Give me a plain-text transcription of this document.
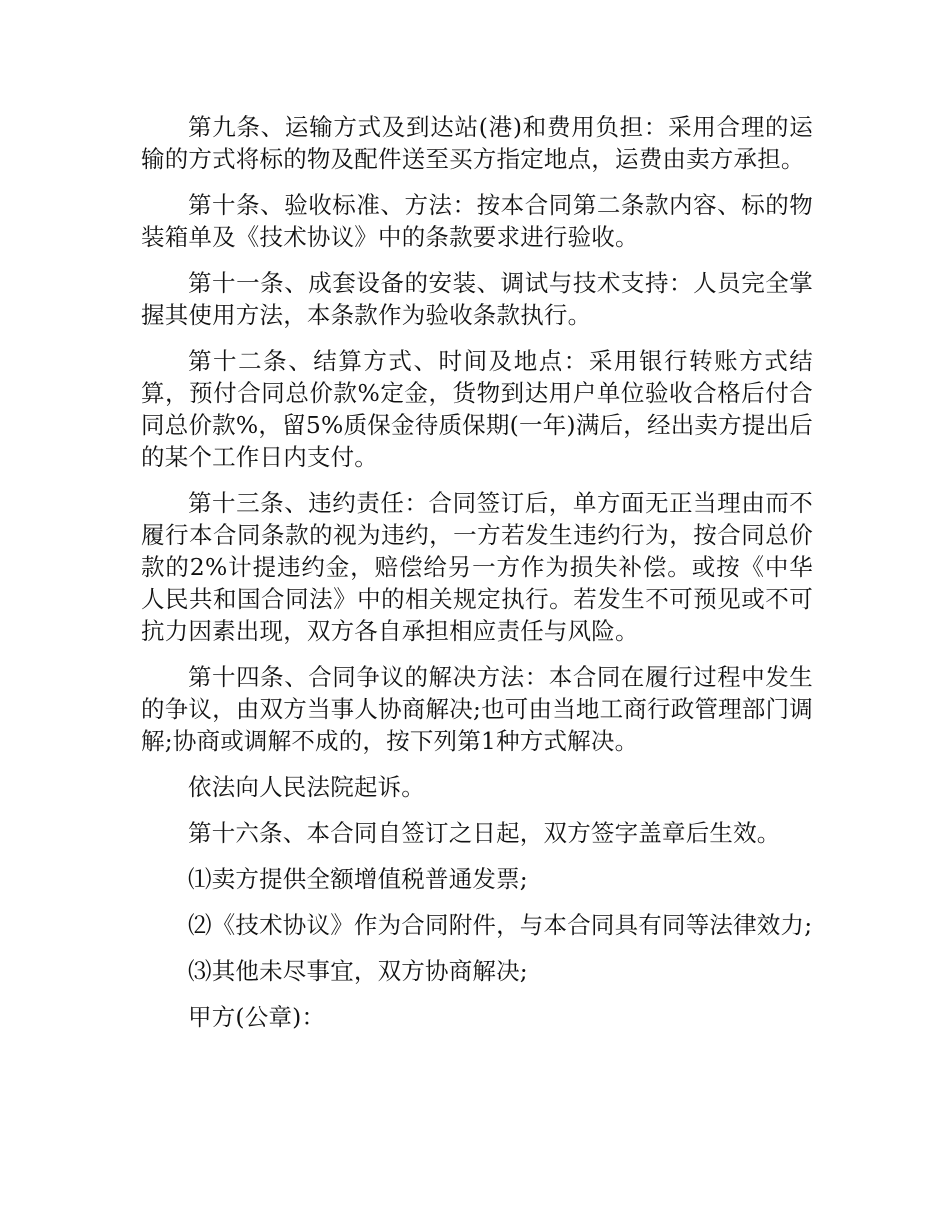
第九条、运输方式及到达站(港)和费用负担：采用合理的运输的方式将标的物及配件送至买方指定地点，运费由卖方承担。

第十条、验收标准、方法：按本合同第二条款内容、标的物装箱单及《技术协议》中的条款要求进行验收。

第十一条、成套设备的安装、调试与技术支持：人员完全掌握其使用方法，本条款作为验收条款执行。

第十二条、结算方式、时间及地点：采用银行转账方式结算，预付合同总价款%定金，货物到达用户单位验收合格后付合同总价款%，留5%质保金待质保期(一年)满后，经出卖方提出后的某个工作日内支付。

第十三条、违约责任：合同签订后，单方面无正当理由而不履行本合同条款的视为违约，一方若发生违约行为，按合同总价款的2%计提违约金，赔偿给另一方作为损失补偿。或按《中华人民共和国合同法》中的相关规定执行。若发生不可预见或不可抗力因素出现，双方各自承担相应责任与风险。

第十四条、合同争议的解决方法：本合同在履行过程中发生的争议，由双方当事人协商解决;也可由当地工商行政管理部门调解;协商或调解不成的，按下列第1种方式解决。

依法向人民法院起诉。

第十六条、本合同自签订之日起，双方签字盖章后生效。

⑴卖方提供全额增值税普通发票;

⑵《技术协议》作为合同附件，与本合同具有同等法律效力;

⑶其他未尽事宜，双方协商解决;

甲方(公章)：
